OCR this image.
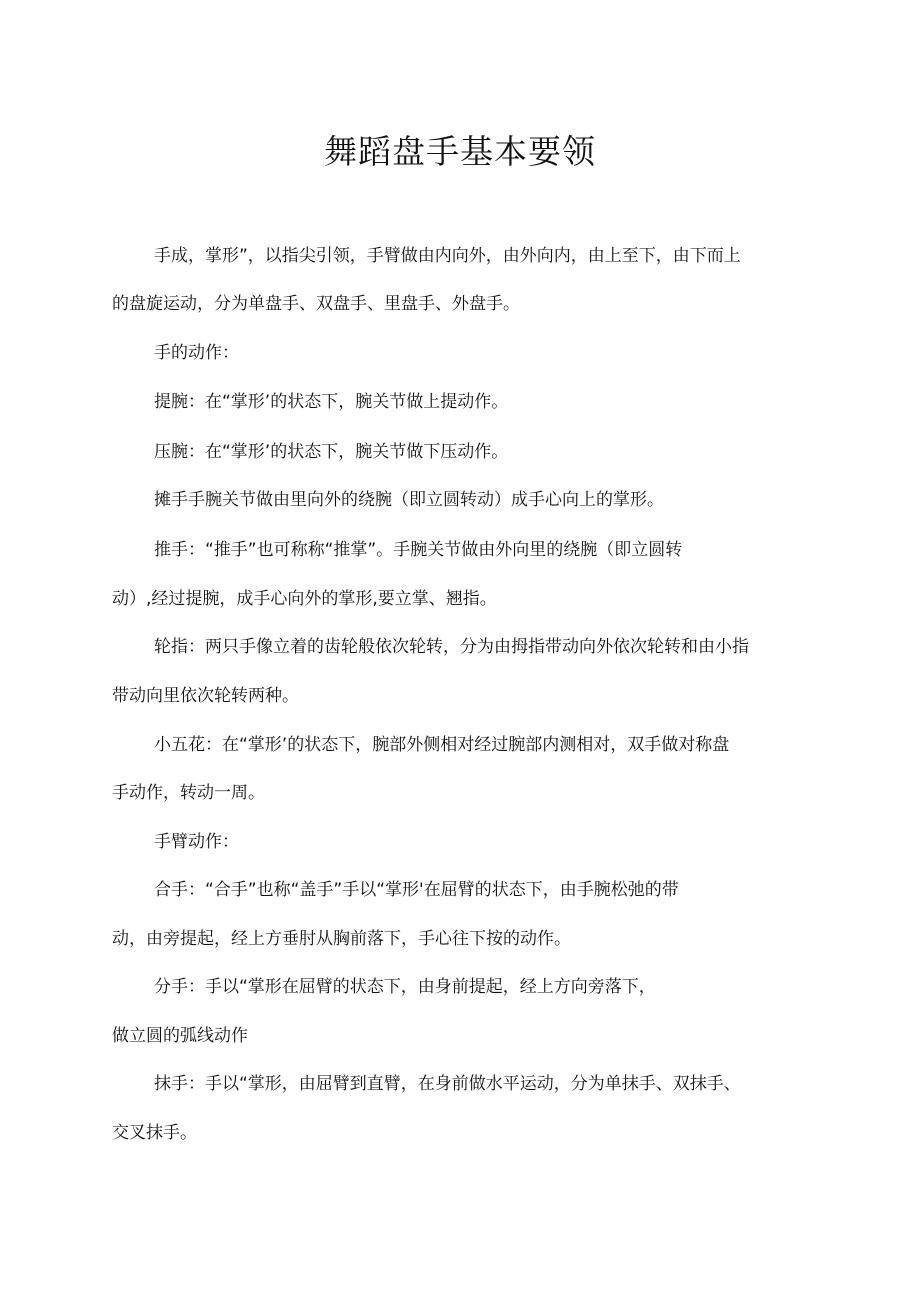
舞蹈盘手基本要领

手成，掌形”，以指尖引领，手臂做由内向外，由外向内，由上至下，由下而上

的盘旋运动，分为单盘手、双盘手、里盘手、外盘手。

手的动作：

提腕：在“掌形’的状态下，腕关节做上提动作。

压腕：在“掌形’的状态下，腕关节做下压动作。

摊手手腕关节做由里向外的绕腕（即立圆转动）成手心向上的掌形。

推手：“推手”也可称称“推掌”。手腕关节做由外向里的绕腕（即立圆转

动）,经过提腕，成手心向外的掌形,要立掌、翘指。

轮指：两只手像立着的齿轮般依次轮转，分为由拇指带动向外依次轮转和由小指

带动向里依次轮转两种。

小五花：在“掌形’的状态下，腕部外侧相对经过腕部内测相对，双手做对称盘

手动作，转动一周。

手臂动作：

合手：“合手”也称“盖手”手以“掌形'在屈臂的状态下，由手腕松弛的带

动，由旁提起，经上方垂肘从胸前落下，手心往下按的动作。

分手：手以“掌形在屈臂的状态下，由身前提起，经上方向旁落下，

做立圆的弧线动作

抹手：手以“掌形，由屈臂到直臂，在身前做水平运动，分为单抹手、双抹手、

交叉抹手。
